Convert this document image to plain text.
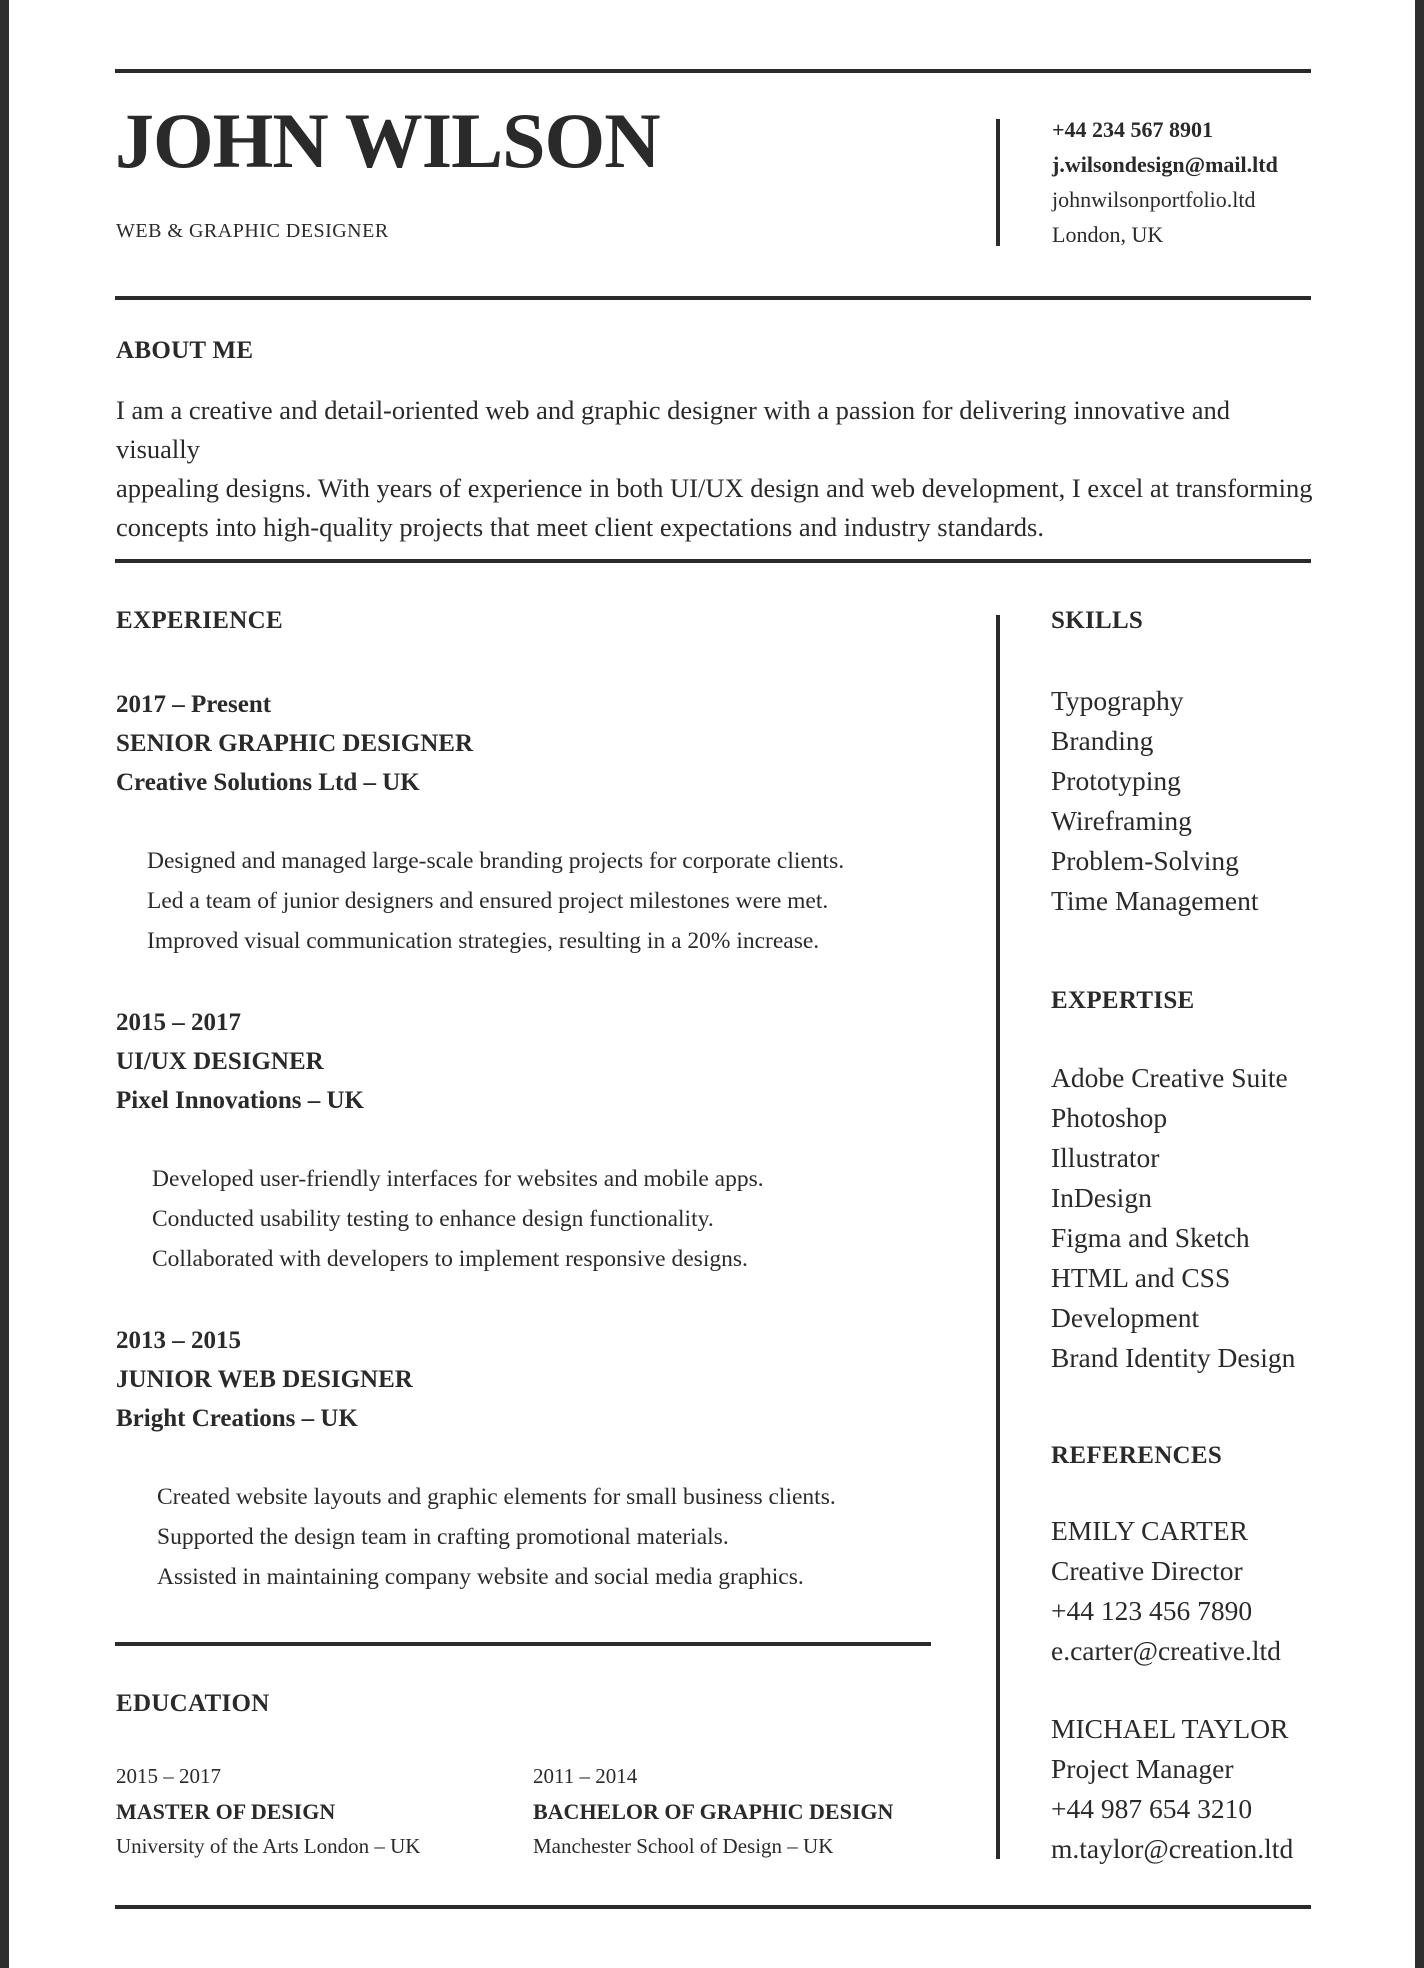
JOHN WILSON
WEB & GRAPHIC DESIGNER
+44 234 567 8901
j.wilsondesign@mail.ltd
johnwilsonportfolio.ltd
London, UK
ABOUT ME
I am a creative and detail-oriented web and graphic designer with a passion for delivering innovative and visually
appealing designs. With years of experience in both UI/UX design and web development, I excel at transforming
concepts into high-quality projects that meet client expectations and industry standards.
EXPERIENCE
2017 – Present
SENIOR GRAPHIC DESIGNER
Creative Solutions Ltd – UK
Designed and managed large-scale branding projects for corporate clients.
Led a team of junior designers and ensured project milestones were met.
Improved visual communication strategies, resulting in a 20% increase.
2015 – 2017
UI/UX DESIGNER
Pixel Innovations – UK
Developed user-friendly interfaces for websites and mobile apps.
Conducted usability testing to enhance design functionality.
Collaborated with developers to implement responsive designs.
2013 – 2015
JUNIOR WEB DESIGNER
Bright Creations – UK
Created website layouts and graphic elements for small business clients.
Supported the design team in crafting promotional materials.
Assisted in maintaining company website and social media graphics.
EDUCATION
2015 – 2017
MASTER OF DESIGN
University of the Arts London – UK
2011 – 2014
BACHELOR OF GRAPHIC DESIGN
Manchester School of Design – UK
SKILLS
Typography
Branding
Prototyping
Wireframing
Problem-Solving
Time Management
EXPERTISE
Adobe Creative Suite
Photoshop
Illustrator
InDesign
Figma and Sketch
HTML and CSS
Development
Brand Identity Design
REFERENCES
EMILY CARTER
Creative Director
+44 123 456 7890
e.carter@creative.ltd
MICHAEL TAYLOR
Project Manager
+44 987 654 3210
m.taylor@creation.ltd
